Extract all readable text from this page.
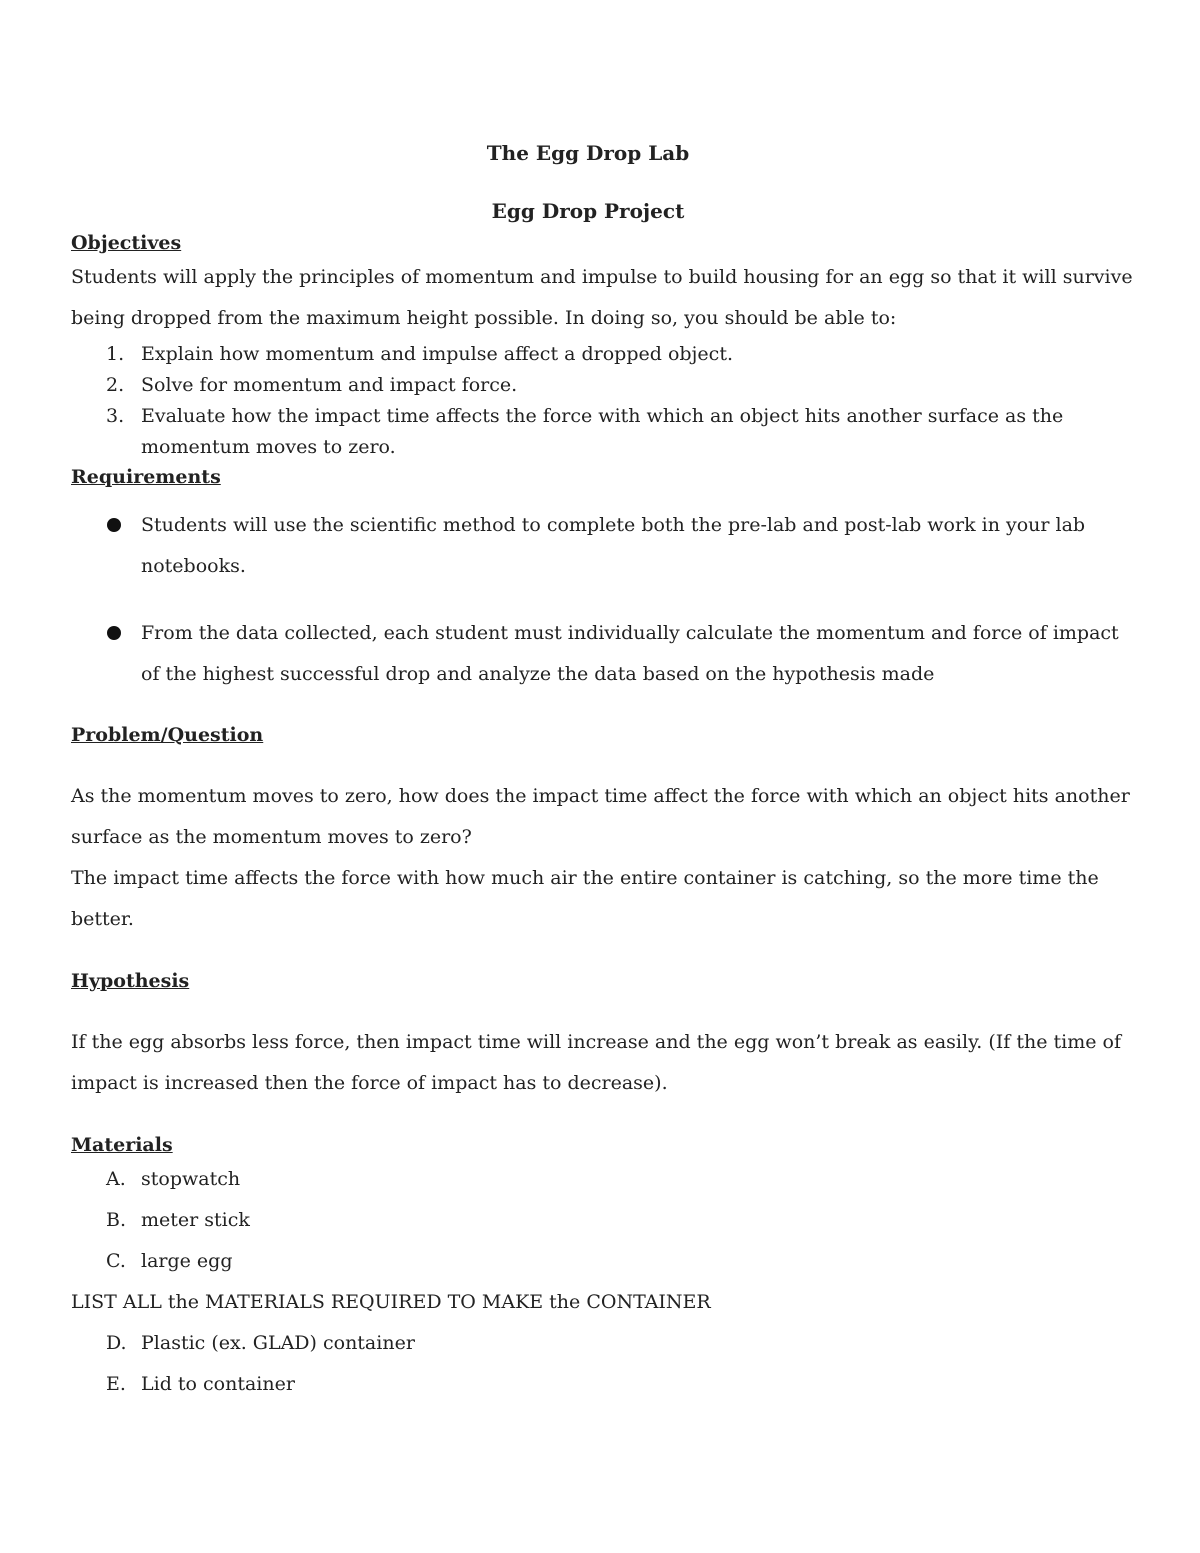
The Egg Drop Lab
Egg Drop Project
Objectives

Students will apply the principles of momentum and impulse to build housing for an egg so that it will survive being dropped from the maximum height possible. In doing so, you should be able to:

1. Explain how momentum and impulse affect a dropped object.
2. Solve for momentum and impact force.
3. Evaluate how the impact time affects the force with which an object hits another surface as the momentum moves to zero.
Requirements
Students will use the scientific method to complete both the pre-lab and post-lab work in your lab notebooks.
From the data collected, each student must individually calculate the momentum and force of impact of the highest successful drop and analyze the data based on the hypothesis made
Problem/Question

As the momentum moves to zero, how does the impact time affect the force with which an object hits another surface as the momentum moves to zero?

The impact time affects the force with how much air the entire container is catching, so the more time the better.

Hypothesis

If the egg absorbs less force, then impact time will increase and the egg won’t break as easily. (If the time of impact is increased then the force of impact has to decrease).

Materials
A. stopwatch
B. meter stick
C. large egg

LIST ALL the MATERIALS REQUIRED TO MAKE the CONTAINER

D. Plastic (ex. GLAD) container
E. Lid to container
